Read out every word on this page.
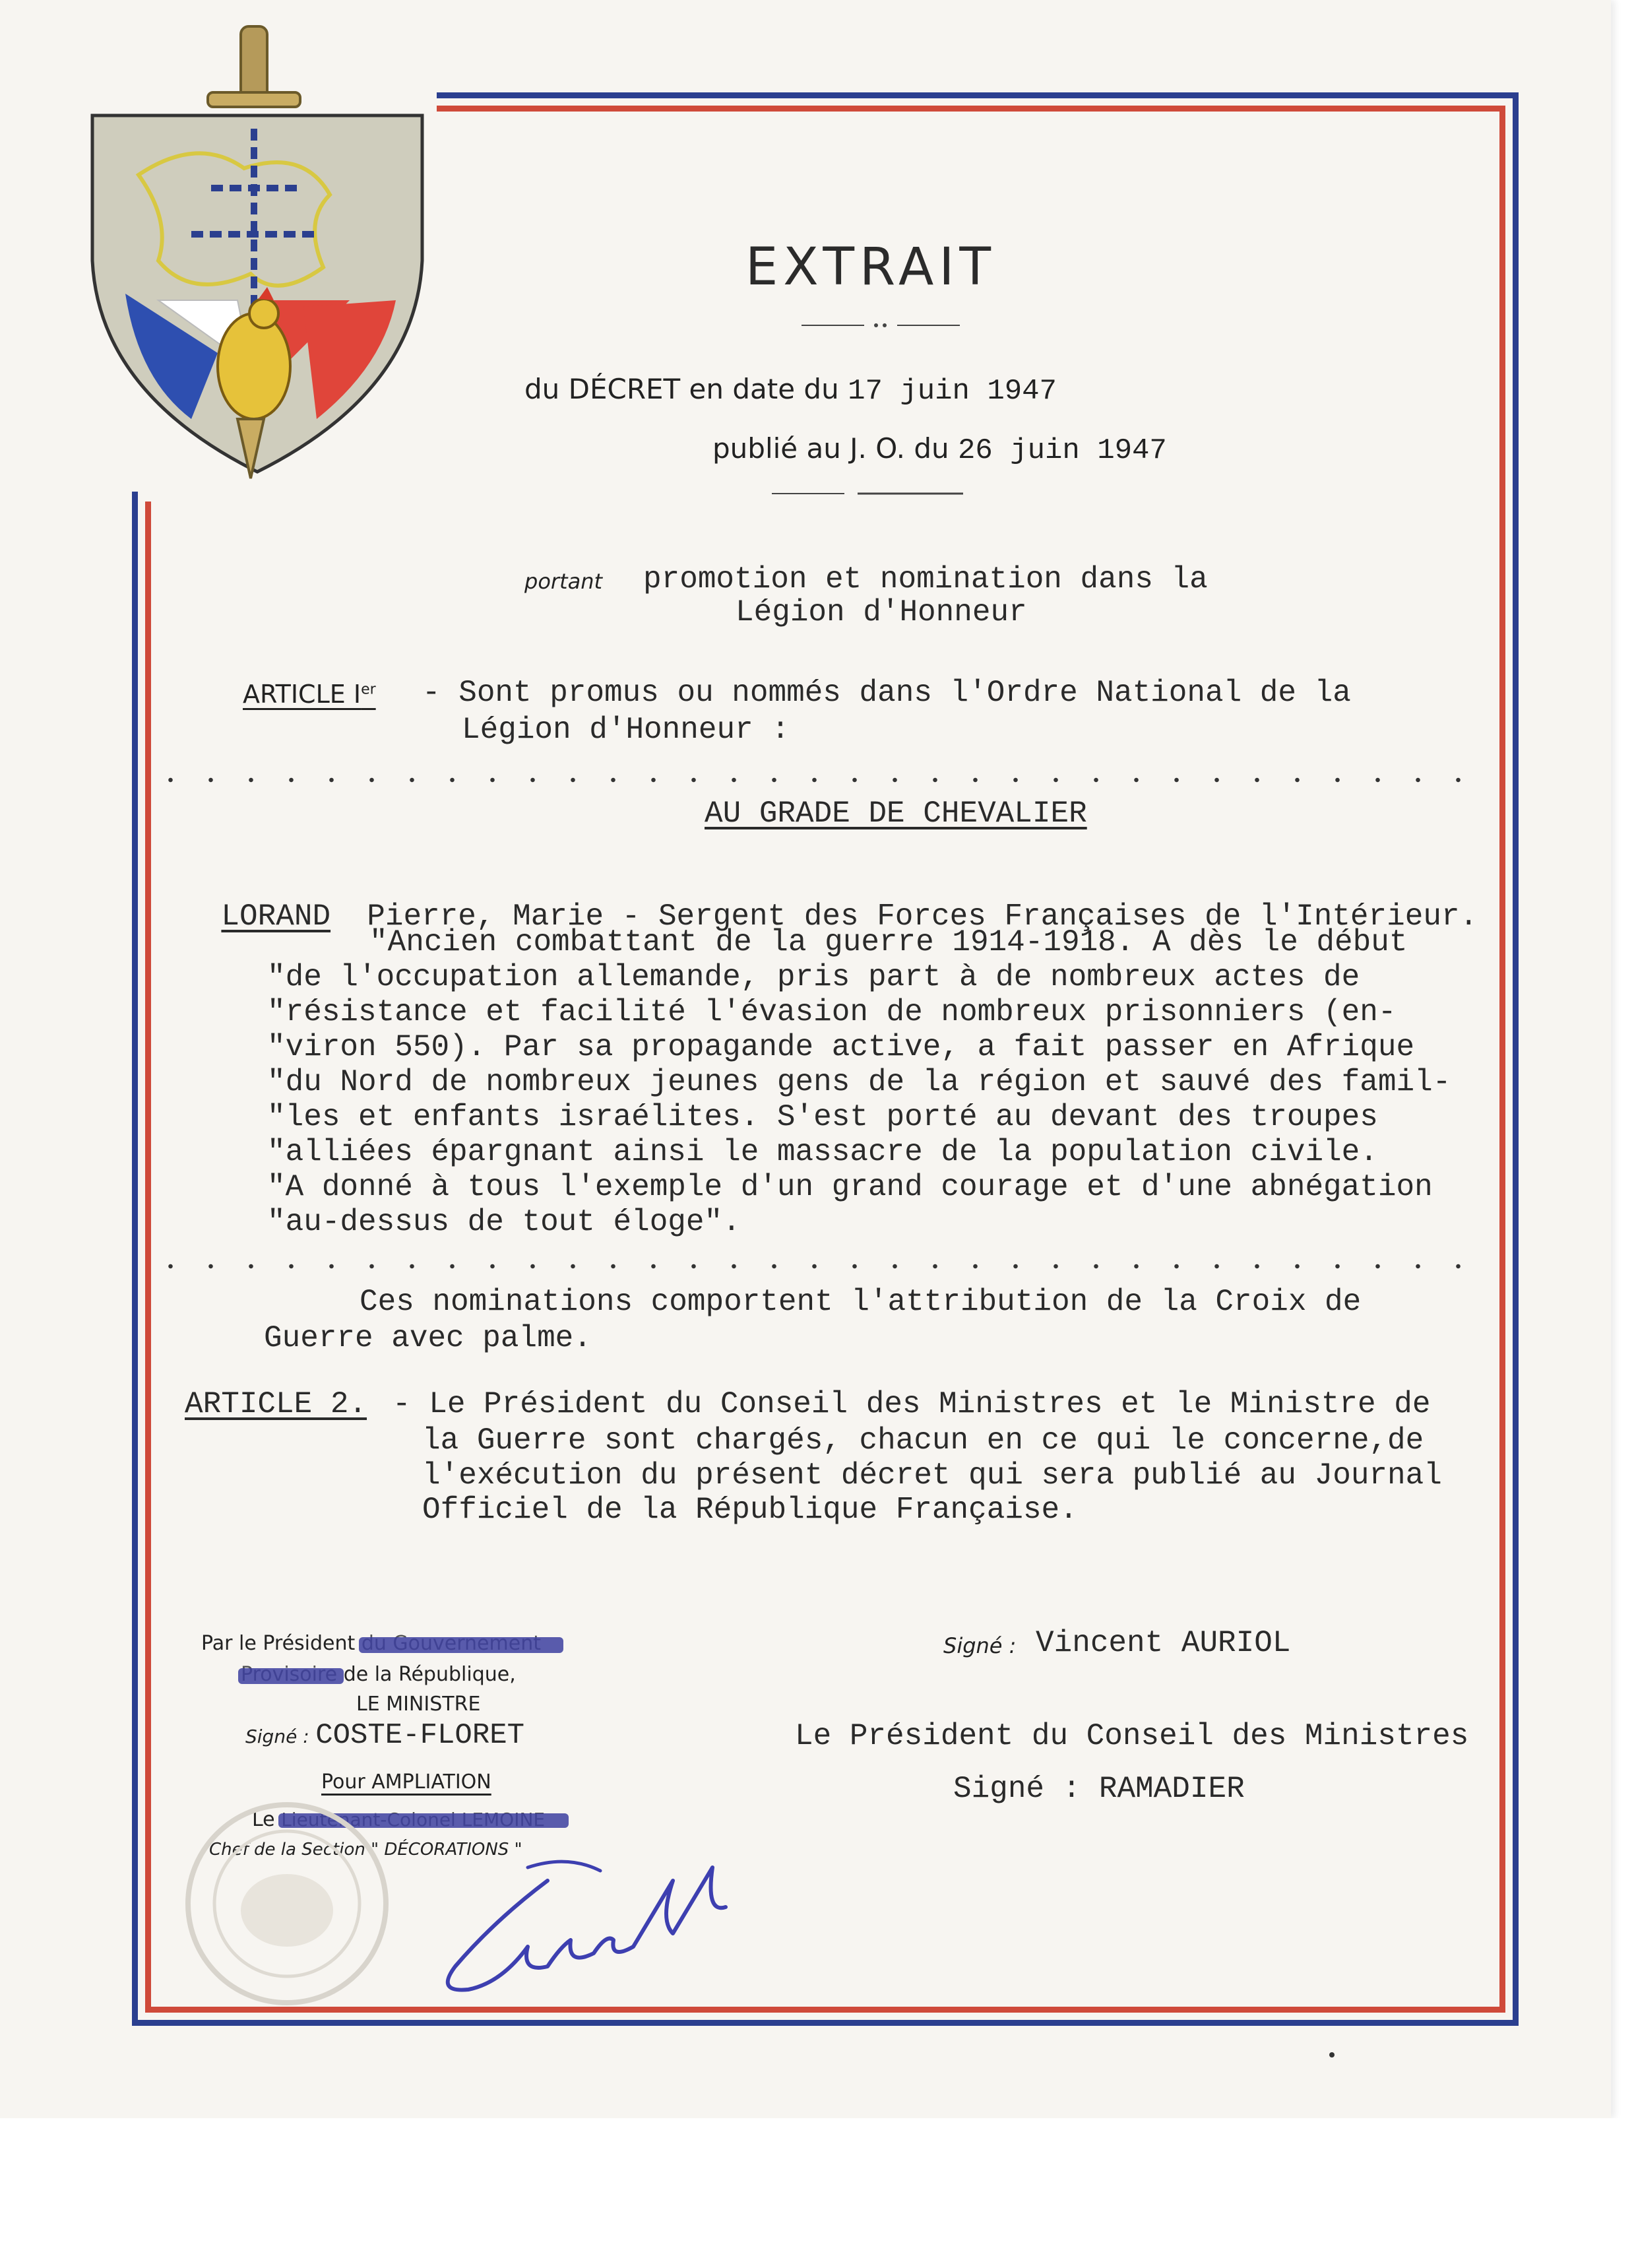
EXTRAIT
du DÉCRET en date du 17 juin 1947
publié au J. O. du 26 juin 1947
portant promotion et nomination dans la
Légion d'Honneur
ARTICLE Ier - Sont promus ou nommés dans l'Ordre National de la
Légion d'Honneur :
AU GRADE DE CHEVALIER

LORAND Pierre, Marie - Sergent des Forces Françaises de l'Intérieur.

"Ancien combattant de la guerre 1914-1918. A dès le début
"de l'occupation allemande, pris part à de nombreux actes de
"résistance et facilité l'évasion de nombreux prisonniers (en-
"viron 550). Par sa propagande active, a fait passer en Afrique
"du Nord de nombreux jeunes gens de la région et sauvé des famil-
"les et enfants israélites. S'est porté au devant des troupes
"alliées épargnant ainsi le massacre de la population civile.
"A donné à tous l'exemple d'un grand courage et d'une abnégation
"au-dessus de tout éloge".
Ces nominations comportent l'attribution de la Croix de
Guerre avec palme.
ARTICLE 2. - Le Président du Conseil des Ministres et le Ministre de
la Guerre sont chargés, chacun en ce qui le concerne,de
l'exécution du présent décret qui sera publié au Journal
Officiel de la République Française.
Par le Président
de la République,
LE MINISTRE
Signé : COSTE-FLORET
Pour AMPLIATION
Le
Chef de la Section " DÉCORATIONS "
Signé : Vincent AURIOL
Le Président du Conseil des Ministres
Signé : RAMADIER
